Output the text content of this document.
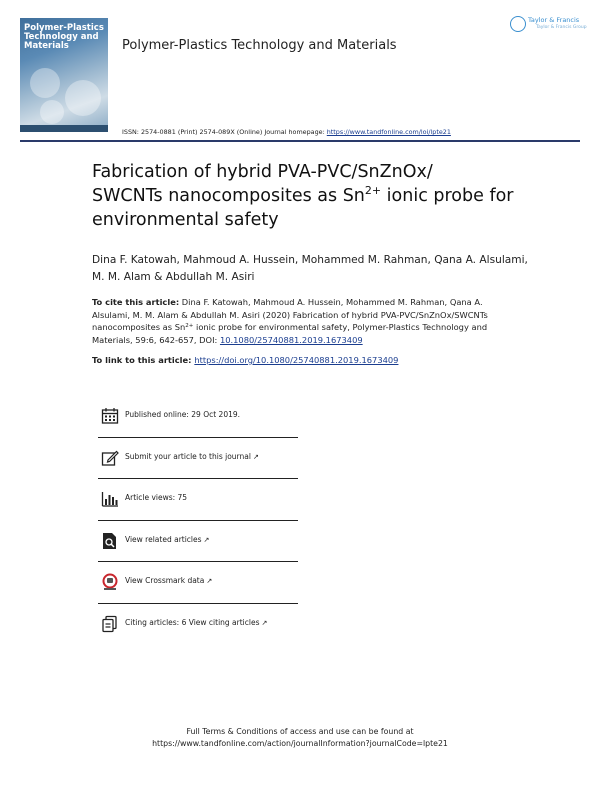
Polymer-Plastics Technology and Materials	Polymer-Plastics Technology and Materials
Taylor & Francis
Taylor & Francis Group
ISSN: 2574-0881 (Print) 2574-089X (Online) Journal homepage: https://www.tandfonline.com/loi/lpte21
Fabrication of hybrid PVA-PVC/SnZnOx/
SWCNTs nanocomposites as $Sn^{2+}$ ionic probe for environmental safety
Dina F. Katowah, Mahmoud A. Hussein, Mohammed M. Rahman, Qana A. Alsulami, M. M. Alam & Abdullah M. Asiri
To cite this article: Dina F. Katowah, Mahmoud A. Hussein, Mohammed M. Rahman, Qana A. Alsulami, M. M. Alam & Abdullah M. Asiri (2020) Fabrication of hybrid PVA-PVC/SnZnOx/SWCNTs nanocomposites as $Sn^{2+}$ ionic probe for environmental safety, Polymer-Plastics Technology and Materials, 59:6, 642-657, DOI: 10.1080/25740881.2019.1673409
To link to this article: https://doi.org/10.1080/25740881.2019.1673409
Published online: 29 Oct 2019.
Submit your article to this journal ↗
Article views: 75
View related articles ↗
View Crossmark data ↗
Citing articles: 6 View citing articles ↗
Full Terms & Conditions of access and use can be found at
https://www.tandfonline.com/action/journalInformation?journalCode=lpte21
